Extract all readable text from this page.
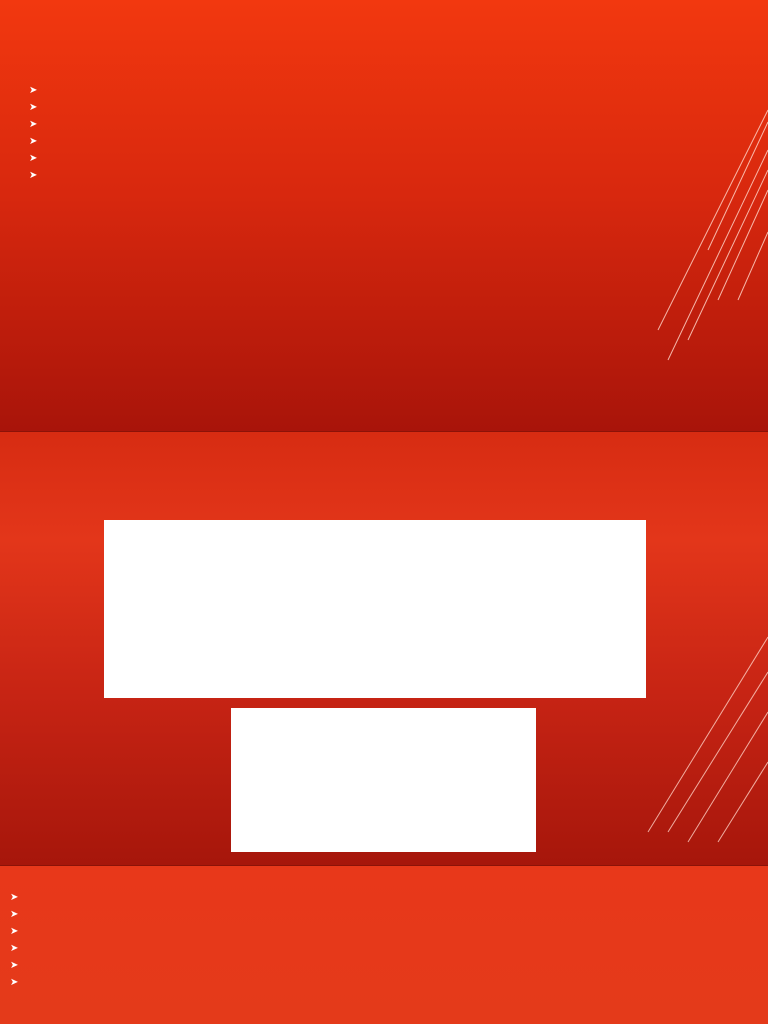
➤
➤
➤
➤
➤
➤

➤
➤
➤
➤
➤
➤
